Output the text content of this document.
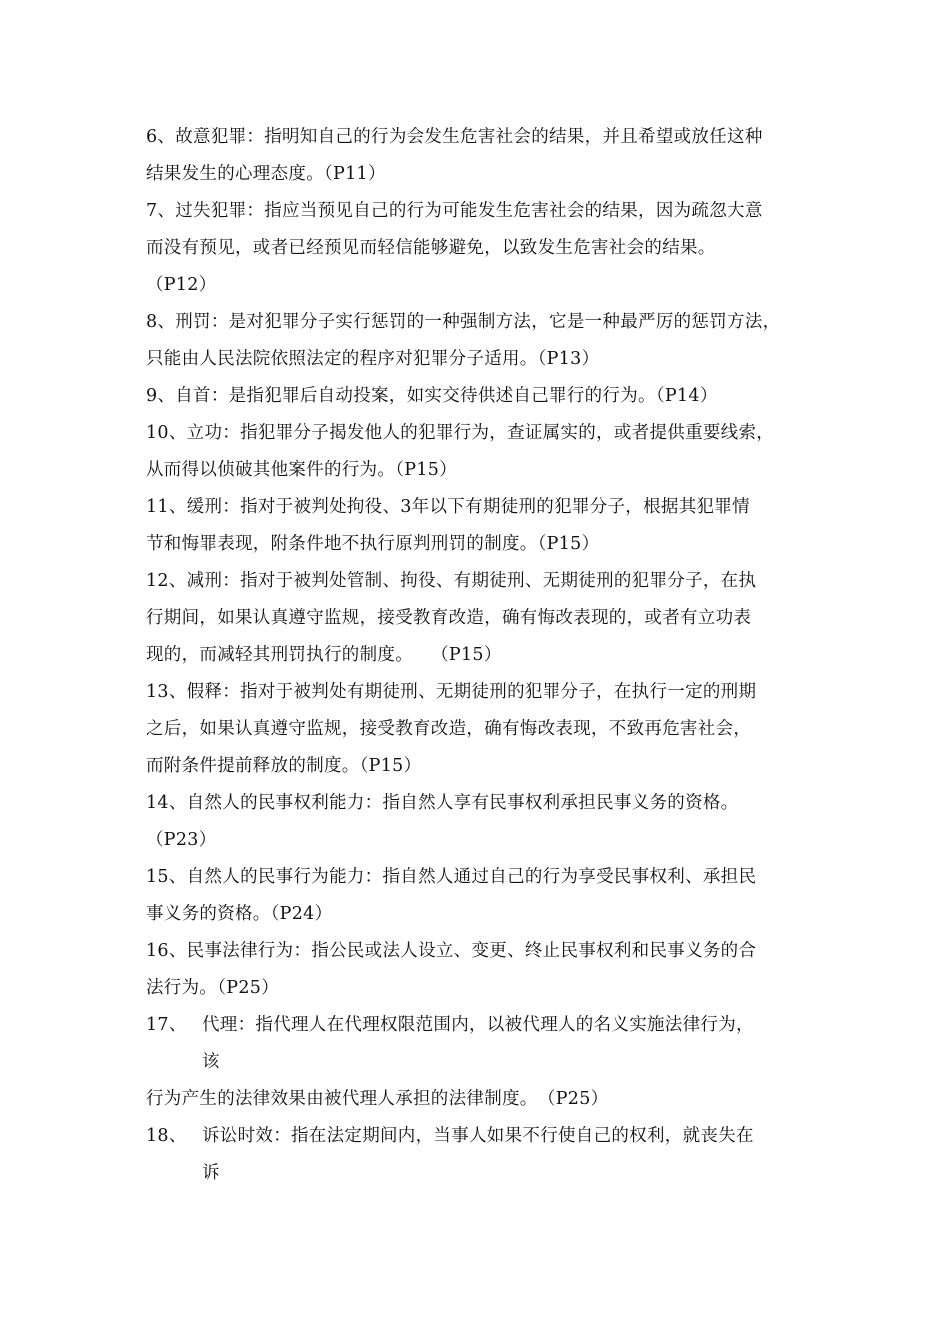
6、故意犯罪：指明知自己的行为会发生危害社会的结果，并且希望或放任这种
结果发生的心理态度。（P11）
7、过失犯罪：指应当预见自己的行为可能发生危害社会的结果，因为疏忽大意
而没有预见，或者已经预见而轻信能够避免，以致发生危害社会的结果。
（P12）
8、刑罚：是对犯罪分子实行惩罚的一种强制方法，它是一种最严厉的惩罚方法，
只能由人民法院依照法定的程序对犯罪分子适用。（P13）
9、自首：是指犯罪后自动投案，如实交待供述自己罪行的行为。（P14）
10、立功：指犯罪分子揭发他人的犯罪行为，查证属实的，或者提供重要线索，
从而得以侦破其他案件的行为。（P15）
11、缓刑：指对于被判处拘役、3年以下有期徒刑的犯罪分子，根据其犯罪情
节和悔罪表现，附条件地不执行原判刑罚的制度。（P15）
12、减刑：指对于被判处管制、拘役、有期徒刑、无期徒刑的犯罪分子，在执
行期间，如果认真遵守监规，接受教育改造，确有悔改表现的，或者有立功表
现的，而减轻其刑罚执行的制度。　　（P15）
13、假释：指对于被判处有期徒刑、无期徒刑的犯罪分子，在执行一定的刑期
之后，如果认真遵守监规，接受教育改造，确有悔改表现，不致再危害社会，
而附条件提前释放的制度。（P15）
14、自然人的民事权利能力：指自然人享有民事权利承担民事义务的资格。
（P23）
15、自然人的民事行为能力：指自然人通过自己的行为享受民事权利、承担民
事义务的资格。（P24）
16、民事法律行为：指公民或法人设立、变更、终止民事权利和民事义务的合
法行为。（P25）
17、 代理：指代理人在代理权限范围内，以被代理人的名义实施法律行为，
该
行为产生的法律效果由被代理人承担的法律制度。　（P25）
18、 诉讼时效：指在法定期间内，当事人如果不行使自己的权利，就丧失在
诉
